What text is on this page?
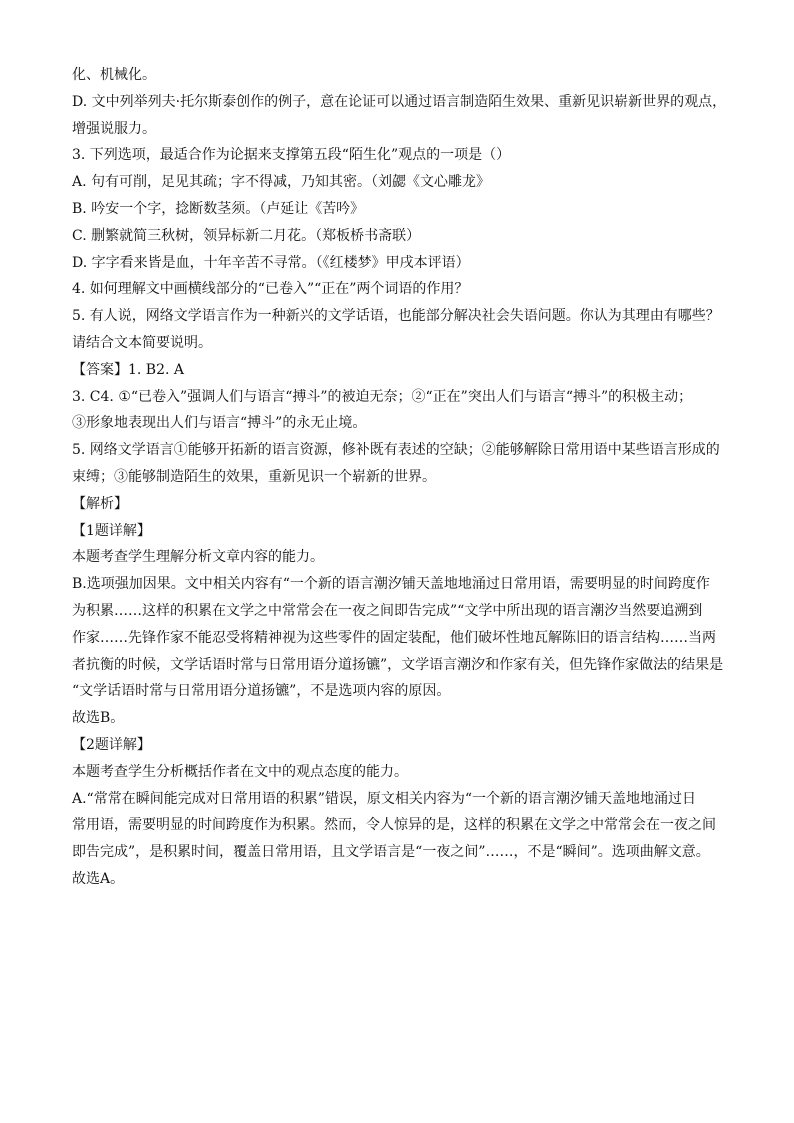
化、机械化。
D. 文中列举列夫·托尔斯泰创作的例子，意在论证可以通过语言制造陌生效果、重新见识崭新世界的观点，
增强说服力。
3. 下列选项，最适合作为论据来支撑第五段“陌生化”观点的一项是（）
A. 句有可削，足见其疏；字不得减，乃知其密。（刘勰《文心雕龙》
B. 吟安一个字，捻断数茎须。（卢延让《苦吟》
C. 删繁就简三秋树，领异标新二月花。（郑板桥书斋联）
D. 字字看来皆是血，十年辛苦不寻常。（《红楼梦》甲戌本评语）
4. 如何理解文中画横线部分的“已卷入”“正在”两个词语的作用？
5. 有人说，网络文学语言作为一种新兴的文学话语，也能部分解决社会失语问题。你认为其理由有哪些？
请结合文本简要说明。
【答案】1. B2. A
3. C4. ①“已卷入”强调人们与语言“搏斗”的被迫无奈；②“正在”突出人们与语言“搏斗”的积极主动；
③形象地表现出人们与语言“搏斗”的永无止境。
5. 网络文学语言①能够开拓新的语言资源，修补既有表述的空缺；②能够解除日常用语中某些语言形成的
束缚；③能够制造陌生的效果，重新见识一个崭新的世界。
【解析】
【1题详解】
本题考查学生理解分析文章内容的能力。
B.选项强加因果。文中相关内容有“一个新的语言潮汐铺天盖地地涌过日常用语，需要明显的时间跨度作
为积累……这样的积累在文学之中常常会在一夜之间即告完成”“文学中所出现的语言潮汐当然要追溯到
作家……先锋作家不能忍受将精神视为这些零件的固定装配，他们破坏性地瓦解陈旧的语言结构……当两
者抗衡的时候，文学话语时常与日常用语分道扬镳”，文学语言潮汐和作家有关，但先锋作家做法的结果是
“文学话语时常与日常用语分道扬镳”，不是选项内容的原因。
故选B。
【2题详解】
本题考查学生分析概括作者在文中的观点态度的能力。
A.“常常在瞬间能完成对日常用语的积累”错误，原文相关内容为“一个新的语言潮汐铺天盖地地涌过日
常用语，需要明显的时间跨度作为积累。然而，令人惊异的是，这样的积累在文学之中常常会在一夜之间
即告完成”，是积累时间，覆盖日常用语，且文学语言是“一夜之间”……，不是“瞬间”。选项曲解文意。
故选A。
